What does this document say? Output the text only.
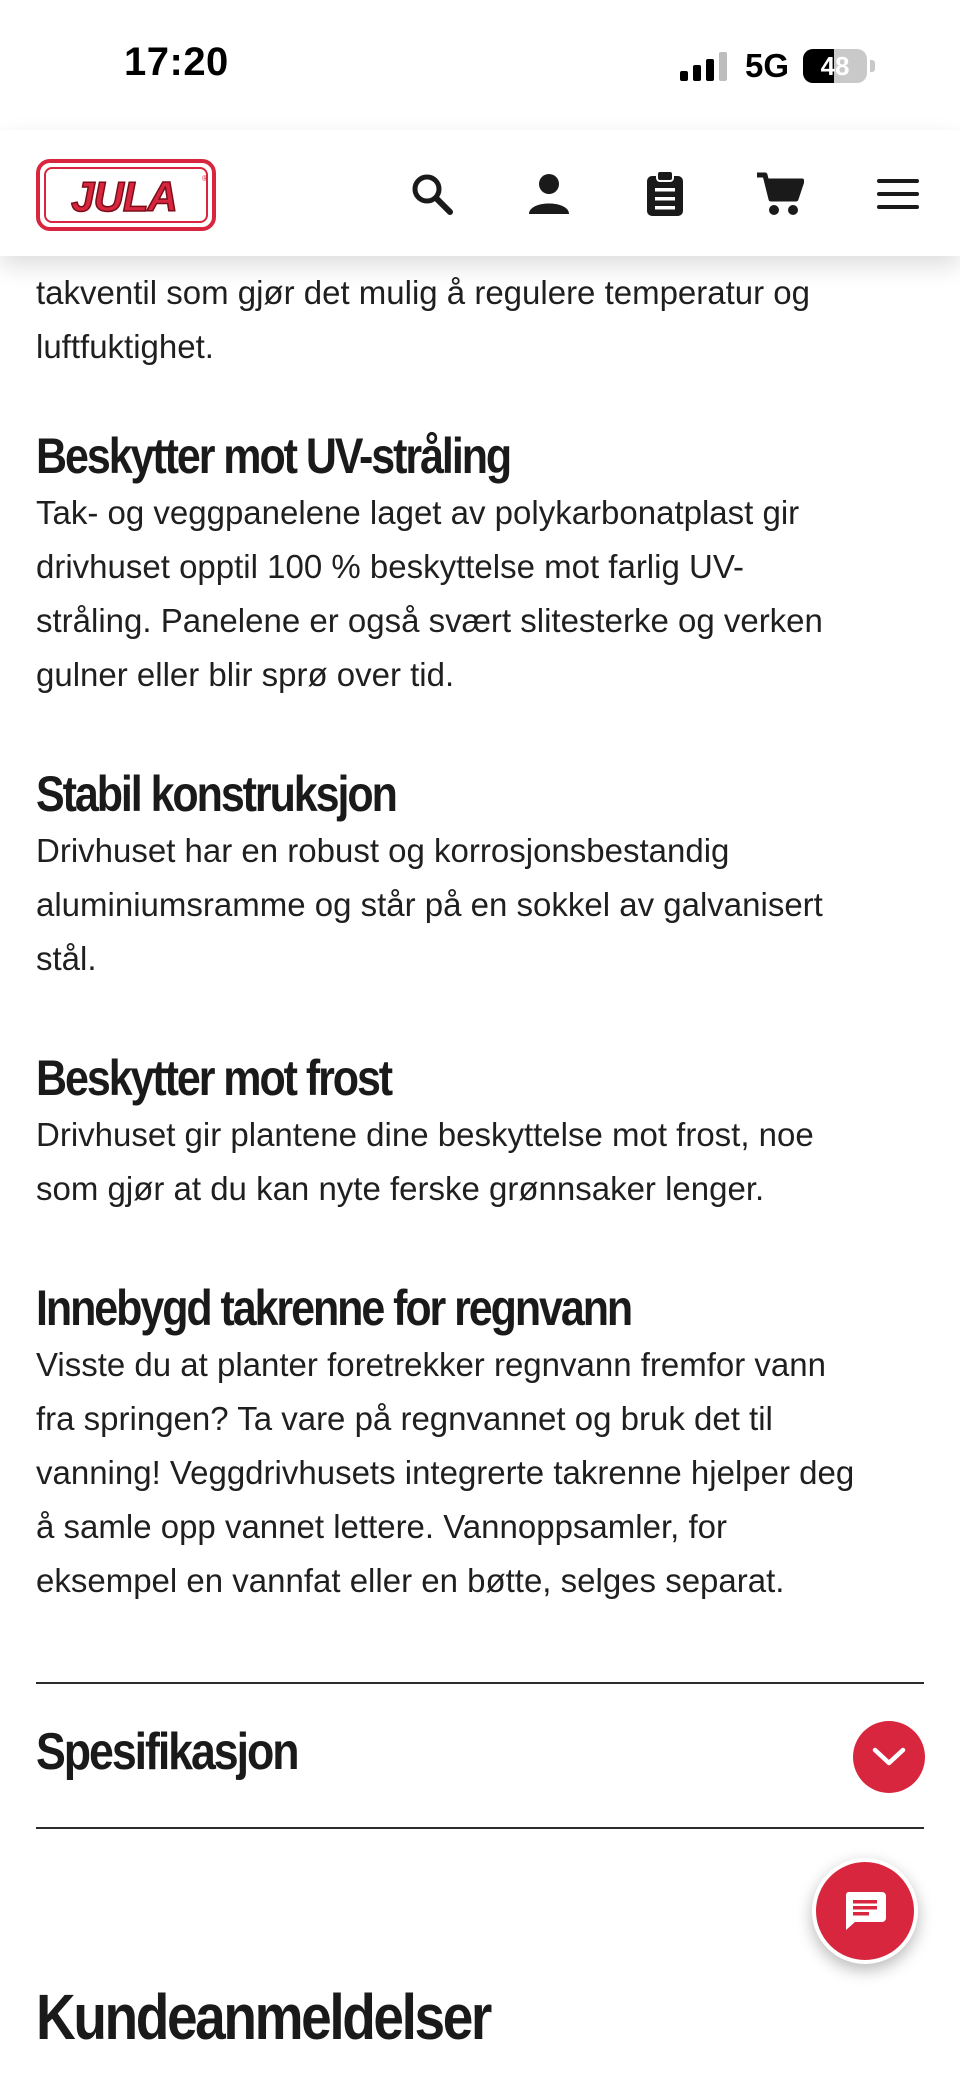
17:20	5G	48
JULA	®
takventil som gjør det mulig å regulere temperatur og
luftfuktighet.
Beskytter mot UV-stråling
Tak- og veggpanelene laget av polykarbonatplast gir
drivhuset opptil 100 % beskyttelse mot farlig UV-
stråling. Panelene er også svært slitesterke og verken
gulner eller blir sprø over tid.
Stabil konstruksjon
Drivhuset har en robust og korrosjonsbestandig
aluminiumsramme og står på en sokkel av galvanisert
stål.
Beskytter mot frost
Drivhuset gir plantene dine beskyttelse mot frost, noe
som gjør at du kan nyte ferske grønnsaker lenger.
Innebygd takrenne for regnvann
Visste du at planter foretrekker regnvann fremfor vann
fra springen? Ta vare på regnvannet og bruk det til
vanning! Veggdrivhusets integrerte takrenne hjelper deg
å samle opp vannet lettere. Vannoppsamler, for
eksempel en vannfat eller en bøtte, selges separat.
Spesifikasjon
Kundeanmeldelser
